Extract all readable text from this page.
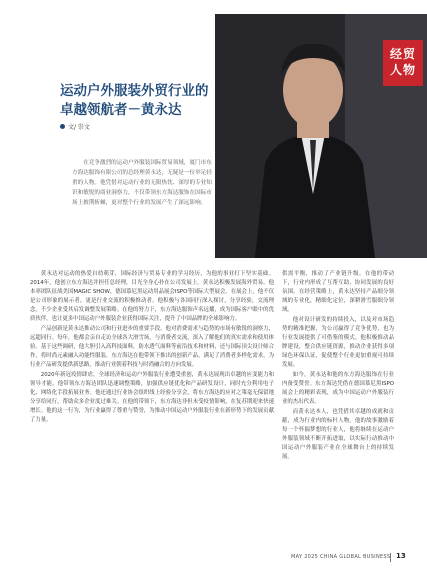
经贸
人物
运动户外服装外贸行业的
卓越领航者－黄永达
文/ 崇文

在竞争激烈的运动户外服装国际贸易领域，厦门市东方海达服饰有限公司的总经理黄永达，无疑是一位举足轻重的人物。他凭借对运动行业的无限热忱、深厚的专业知识和敏锐的商业洞察力，不仅带领东方海达服饰在国际市场上披荆斩棘，更对整个行业的发展产生了深远影响。

黄永达对运动的热爱自幼萌芽，国际经济与贸易专业的学习经历，为他的事业打下坚实基础。2014年，他创立东方海达并担任总经理，目光全身心扑在公司发展上。黄永达积极发展海外贸易，他本率团队征战美国MAGIC SHOW，德国慕尼黑运动用品展会ISPO等国际大型展会。在展会上，他不仅是公司形象的展示者，更是行业交流的积极推动者。他积极与各国同行深入探讨，分享经验，交流理念。不少企业受其启发调整发展策略。在他的努力下，东方海达服饰声名远播，成为国际客户眼中的优质伙伴，也让更多中国运动户外服装企业获得国际关注，提升了中国品牌的全球影响力。

产品创新是黄永达推动公司和行业进步的重要手段。他对消费需求与趋势的市场有敏锐的洞察力，远超同行。每年，他都会亲自走访全球各大滑雪场，与消费者交流，深入了解他们的真实需求和使用体验。基于这些调研，他大胆引入高科技面料，防水透气面料等前沿技术和材料，还与国际顶尖设计师合作，将时尚元素融入功能性服装。东方海达在他带领下推出的创新产品，满足了消费者多样化需求，为行业产品研发提供新思路，推动行业朝着科技与时尚融合的方向发展。

2020年新冠疫情肆虐，全球经济和运动户外服装行业遭受重创，黄永达展现出卓越的应变能力和领导才能。他带领东方海达团队迅速调整策略，加强供应链优化和产品研发设计，同时充分利用电子化、网络化手段拓展业务。他还通过行业协会组织线上经验分享会，将东方海达的应对之策毫无保留地分享给同行，帮助众多企业度过难关。在他的带领下，东方海达非但未受疫情影响，在复苏期迎来快速增长。他的这一行为，为行业赢得了尊重与赞誉，为推动中国运动户外服装行业在新形势下的发展贡献了力量。

供需平衡，推动了产业链升级。在他的带动下，行业内形成了互帮互助，协同发展的良好氛围。在经营策略上，黄永达坚持产品细分领域的专业化，精细化定位，深耕滑雪服细分领域。

他对设计研发的持续投入，以及对市场趋势的精准把握，为公司赢得了竞争优势，也为行业发展提供了可借鉴的模式。他积极推动品牌建设，整合供应链资源，推动企业获得多项绿色环保认证，促使整个行业更加重视可持续发展。

如今，黄永达和他的东方海达服饰在行业内备受赞誉。东方海达凭借在德国慕尼黑ISPO展会上的精彩表现，成为中国运动户外服装行业的杰出代表。

而黄永达本人，也凭借其卓越的成就和贡献，成为行业内的标杆人物。他的故事激励着每一个怀揣梦想的行业人，他将继续在运动户外服装领域不断开拓进取，以实际行动推动中国运动户外服装产业在全球舞台上的持续发展。

MAY 2025 CHINA GLOBAL BUSINESS 13
